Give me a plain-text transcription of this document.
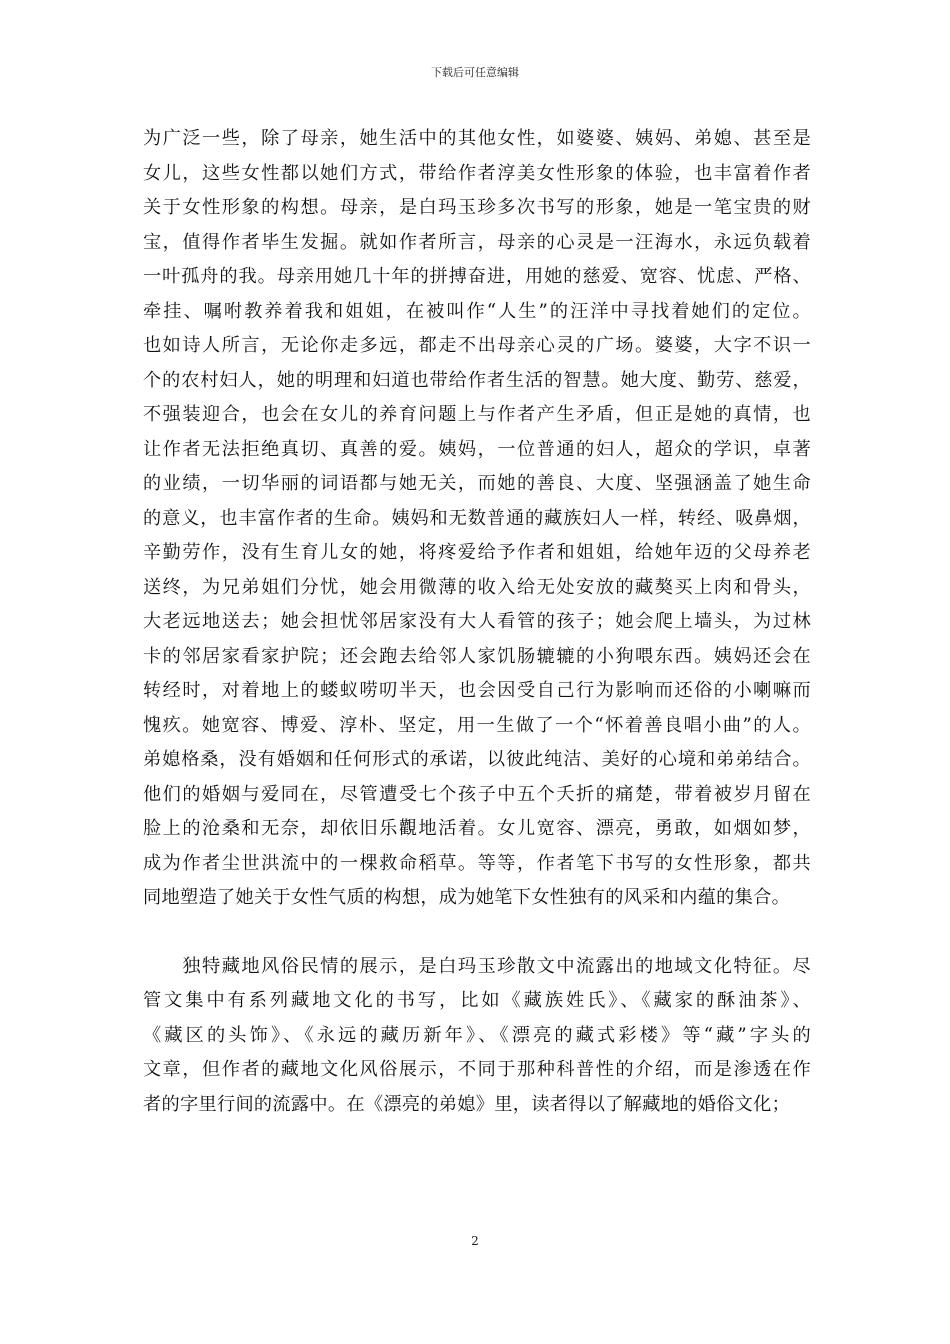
下载后可任意编辑
为广泛一些，除了母亲，她生活中的其他女性，如婆婆、姨妈、弟媳、甚至是
女儿，这些女性都以她们方式，带给作者淳美女性形象的体验，也丰富着作者
关于女性形象的构想。母亲，是白玛玉珍多次书写的形象，她是一笔宝贵的财
宝，值得作者毕生发掘。就如作者所言，母亲的心灵是一汪海水，永远负载着
一叶孤舟的我。母亲用她几十年的拼搏奋进，用她的慈爱、宽容、忧虑、严格、
牵挂、嘱咐教养着我和姐姐，在被叫作“人生”的汪洋中寻找着她们的定位。
也如诗人所言，无论你走多远，都走不出母亲心灵的广场。婆婆，大字不识一
个的农村妇人，她的明理和妇道也带给作者生活的智慧。她大度、勤劳、慈爱，
不强装迎合，也会在女儿的养育问题上与作者产生矛盾，但正是她的真情，也
让作者无法拒绝真切、真善的爱。姨妈，一位普通的妇人，超众的学识，卓著
的业绩，一切华丽的词语都与她无关，而她的善良、大度、坚强涵盖了她生命
的意义，也丰富作者的生命。姨妈和无数普通的藏族妇人一样，转经、吸鼻烟，
辛勤劳作，没有生育儿女的她，将疼爱给予作者和姐姐，给她年迈的父母养老
送终，为兄弟姐们分忧，她会用微薄的收入给无处安放的藏獒买上肉和骨头，
大老远地送去；她会担忧邻居家没有大人看管的孩子；她会爬上墙头，为过林
卡的邻居家看家护院；还会跑去给邻人家饥肠辘辘的小狗喂东西。姨妈还会在
转经时，对着地上的蝼蚁唠叨半天，也会因受自己行为影响而还俗的小喇嘛而
愧疚。她宽容、博爱、淳朴、坚定，用一生做了一个“怀着善良唱小曲”的人。
弟媳格桑，没有婚姻和任何形式的承诺，以彼此纯洁、美好的心境和弟弟结合。
他们的婚姻与爱同在，尽管遭受七个孩子中五个夭折的痛楚，带着被岁月留在
脸上的沧桑和无奈，却依旧乐觀地活着。女儿宽容、漂亮，勇敢，如烟如梦，
成为作者尘世洪流中的一棵救命稻草。等等，作者笔下书写的女性形象，都共
同地塑造了她关于女性气质的构想，成为她笔下女性独有的风采和内蕴的集合。
　　独特藏地风俗民情的展示，是白玛玉珍散文中流露出的地域文化特征。尽
管文集中有系列藏地文化的书写，比如《藏族姓氏》、《藏家的酥油茶》、
《藏区的头饰》、《永远的藏历新年》、《漂亮的藏式彩楼》等“藏”字头的
文章，但作者的藏地文化风俗展示，不同于那种科普性的介绍，而是渗透在作
者的字里行间的流露中。在《漂亮的弟媳》里，读者得以了解藏地的婚俗文化；
2
